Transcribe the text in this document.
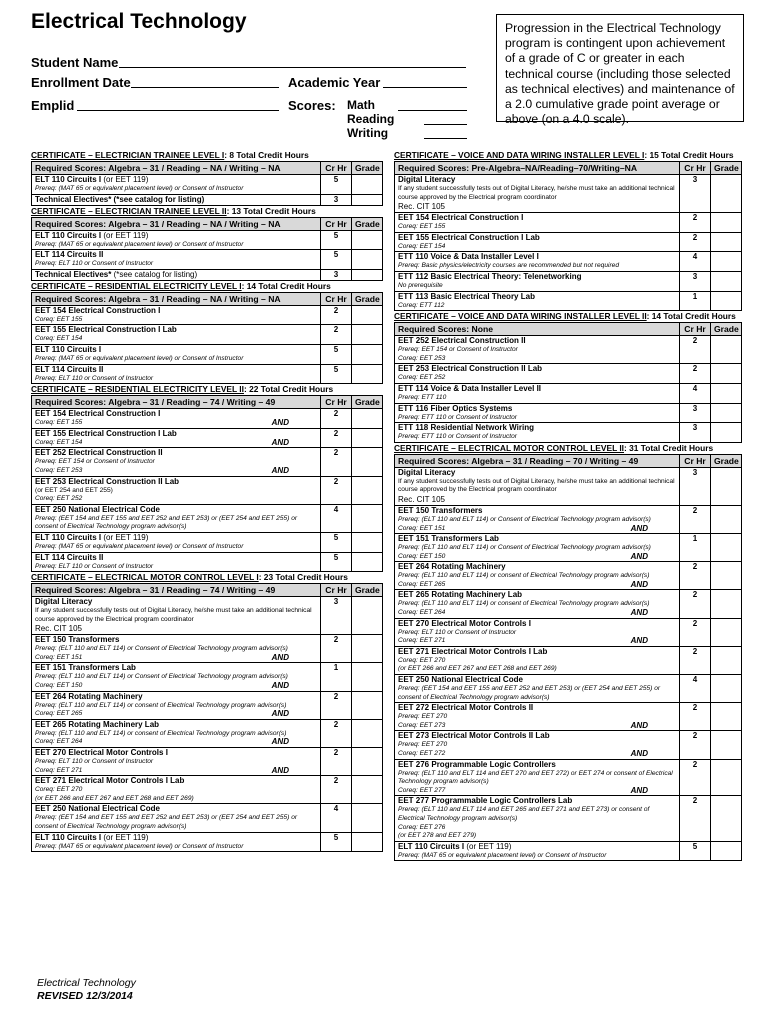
Electrical Technology
Student Name
Enrollment Date	Academic Year
Emplid	Scores: Math
Reading
Writing
Progression in the Electrical Technology program is contingent upon achievement of a grade of C or greater in each technical course (including those selected as technical electives) and maintenance of a 2.0 cumulative grade point average or above (on a 4.0 scale).
CERTIFICATE – ELECTRICIAN TRAINEE LEVEL I: 8 Total Credit Hours
Required Scores: Algebra – 31 / Reading – NA / Writing – NA	Cr Hr	Grade

ELT 110 Circuits I (or EET 119)
Prereq: (MAT 65 or equivalent placement level) or Consent of Instructor	5	

Technical Electives* (*see catalog for listing)	3	
CERTIFICATE – ELECTRICIAN TRAINEE LEVEL II: 13 Total Credit Hours
Required Scores: Algebra – 31 / Reading – NA / Writing – NA	Cr Hr	Grade

ELT 110 Circuits I (or EET 119)
Prereq: (MAT 65 or equivalent placement level) or Consent of Instructor	5	

ELT 114 Circuits II
Prereq: ELT 110 or Consent of Instructor	5	

Technical Electives* (*see catalog for listing)	3	
CERTIFICATE – RESIDENTIAL ELECTRICITY LEVEL I: 14 Total Credit Hours
Required Scores: Algebra – 31 / Reading – NA / Writing – NA	Cr Hr	Grade

EET 154 Electrical Construction I
Coreq: EET 155	2	

EET 155 Electrical Construction I Lab
Coreq: EET 154	2	

ELT 110 Circuits I
Prereq: (MAT 65 or equivalent placement level) or Consent of Instructor	5	

ELT 114 Circuits II
Prereq: ELT 110 or Consent of Instructor	5	
CERTIFICATE – RESIDENTIAL ELECTRICITY LEVEL II: 22 Total Credit Hours
Required Scores: Algebra – 31 / Reading – 74 / Writing – 49	Cr Hr	Grade

EET 154 Electrical Construction I
AND
Coreq: EET 155	2	

EET 155 Electrical Construction I Lab
AND
Coreq: EET 154	2	

EET 252 Electrical Construction II
Prereq: EET 154 or Consent of Instructor
AND
Coreq: EET 253	2	

EET 253 Electrical Construction II Lab
(or EET 254 and EET 255)
Coreq: EET 252	2	

EET 250 National Electrical Code
Prereq: (EET 154 and EET 155 and EET 252 and EET 253) or (EET 254 and EET 255) or consent of Electrical Technology program advisor(s)	4	

ELT 110 Circuits I (or EET 119)
Prereq: (MAT 65 or equivalent placement level) or Consent of Instructor	5	

ELT 114 Circuits II
Prereq: ELT 110 or Consent of Instructor	5	
CERTIFICATE – ELECTRICAL MOTOR CONTROL LEVEL I: 23 Total Credit Hours
Required Scores: Algebra – 31 / Reading – 74 / Writing – 49	Cr Hr	Grade

Digital Literacy
If any student successfully tests out of Digital Literacy, he/she must take an additional technical course approved by the Electrical program coordinator
Rec. CIT 105	3	

EET 150 Transformers
Prereq: (ELT 110 and ELT 114) or Consent of Electrical Technology program advisor(s)
AND
Coreq: EET 151	2	

EET 151 Transformers Lab
Prereq: (ELT 110 and ELT 114) or Consent of Electrical Technology program advisor(s)
AND
Coreq: EET 150	1	

EET 264 Rotating Machinery
Prereq: (ELT 110 and ELT 114) or consent of Electrical Technology program advisor(s)
AND
Coreq: EET 265	2	

EET 265 Rotating Machinery Lab
Prereq: (ELT 110 and ELT 114) or consent of Electrical Technology program advisor(s)
AND
Coreq: EET 264	2	

EET 270 Electrical Motor Controls I
Prereq: ELT 110 or Consent of Instructor
AND
Coreq: EET 271	2	

EET 271 Electrical Motor Controls I Lab
Coreq: EET 270
(or EET 266 and EET 267 and EET 268 and EET 269)	2	

EET 250 National Electrical Code
Prereq: (EET 154 and EET 155 and EET 252 and EET 253) or (EET 254 and EET 255) or consent of Electrical Technology program advisor(s)	4	

ELT 110 Circuits I (or EET 119)
Prereq: (MAT 65 or equivalent placement level) or Consent of Instructor	5	
CERTIFICATE – VOICE AND DATA WIRING INSTALLER LEVEL I: 15 Total Credit Hours
Required Scores: Pre-Algebra–NA/Reading–70/Writing–NA	Cr Hr	Grade

Digital Literacy
If any student successfully tests out of Digital Literacy, he/she must take an additional technical course approved by the Electrical program coordinator
Rec. CIT 105	3	

EET 154 Electrical Construction I
Coreq: EET 155	2	

EET 155 Electrical Construction I Lab
Coreq: EET 154	2	

ETT 110 Voice & Data Installer Level I
Prereq: Basic physics/electricity courses are recommended but not required	4	

ETT 112 Basic Electrical Theory: Telenetworking
No prerequisite	3	

ETT 113 Basic Electrical Theory Lab
Coreq: ETT 112	1	
CERTIFICATE – VOICE AND DATA WIRING INSTALLER LEVEL II: 14 Total Credit Hours
Required Scores: None	Cr Hr	Grade

EET 252 Electrical Construction II
Prereq: EET 154 or Consent of Instructor
Coreq: EET 253	2	

EET 253 Electrical Construction II Lab
Coreq: EET 252	2	

ETT 114 Voice & Data Installer Level II
Prereq: ETT 110	4	

ETT 116 Fiber Optics Systems
Prereq: ETT 110 or Consent of Instructor	3	

ETT 118 Residential Network Wiring
Prereq: ETT 110 or Consent of Instructor	3	
CERTIFICATE – ELECTRICAL MOTOR CONTROL LEVEL II: 31 Total Credit Hours
Required Scores: Algebra – 31 / Reading – 70 / Writing – 49	Cr Hr	Grade

Digital Literacy
If any student successfully tests out of Digital Literacy, he/she must take an additional technical course approved by the Electrical program coordinator
Rec. CIT 105	3	

EET 150 Transformers
Prereq: (ELT 110 and ELT 114) or Consent of Electrical Technology program advisor(s)
AND
Coreq: EET 151	2	

EET 151 Transformers Lab
Prereq: (ELT 110 and ELT 114) or Consent of Electrical Technology program advisor(s)
AND
Coreq: EET 150	1	

EET 264 Rotating Machinery
Prereq: (ELT 110 and ELT 114) or consent of Electrical Technology program advisor(s)
AND
Coreq: EET 265	2	

EET 265 Rotating Machinery Lab
Prereq: (ELT 110 and ELT 114) or consent of Electrical Technology program advisor(s)
AND
Coreq: EET 264	2	

EET 270 Electrical Motor Controls I
Prereq: ELT 110 or Consent of Instructor
AND
Coreq: EET 271	2	

EET 271 Electrical Motor Controls I Lab
Coreq: EET 270
(or EET 266 and EET 267 and EET 268 and EET 269)	2	

EET 250 National Electrical Code
Prereq: (EET 154 and EET 155 and EET 252 and EET 253) or (EET 254 and EET 255) or consent of Electrical Technology program advisor(s)	4	

EET 272 Electrical Motor Controls II
Prereq: EET 270
AND
Coreq: EET 273	2	

EET 273 Electrical Motor Controls II Lab
Prereq: EET 270
AND
Coreq: EET 272	2	

EET 276 Programmable Logic Controllers
Prereq: (ELT 110 and ELT 114 and EET 270 and EET 272) or EET 274 or consent of Electrical Technology program advisor(s)
AND
Coreq: EET 277	2	

EET 277 Programmable Logic Controllers Lab
Prereq: (ELT 110 and ELT 114 and EET 265 and EET 271 and EET 273) or consent of Electrical Technology program advisor(s)
Coreq: EET 276
(or EET 278 and EET 279)	2	

ELT 110 Circuits I (or EET 119)
Prereq: (MAT 65 or equivalent placement level) or Consent of Instructor	5	
Electrical Technology
REVISED 12/3/2014
